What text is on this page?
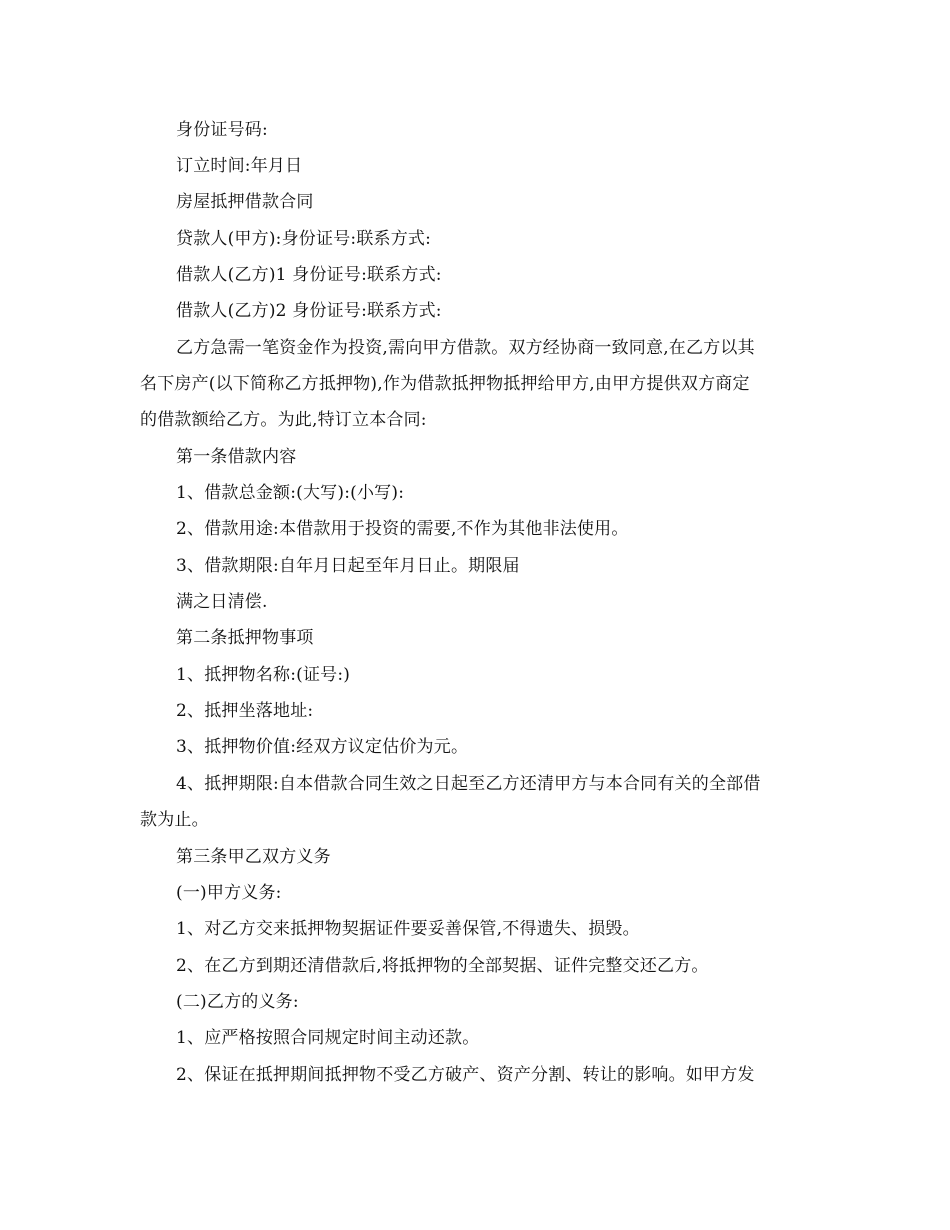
身份证号码:
订立时间:年月日
房屋抵押借款合同
贷款人(甲方):身份证号:联系方式:
借款人(乙方)1 身份证号:联系方式:
借款人(乙方)2 身份证号:联系方式:
乙方急需一笔资金作为投资,需向甲方借款。双方经协商一致同意,在乙方以其
名下房产(以下简称乙方抵押物),作为借款抵押物抵押给甲方,由甲方提供双方商定
的借款额给乙方。为此,特订立本合同:
第一条借款内容
1、借款总金额:(大写):(小写):
2、借款用途:本借款用于投资的需要,不作为其他非法使用。
3、借款期限:自年月日起至年月日止。期限届
满之日清偿.
第二条抵押物事项
1、抵押物名称:(证号:)
2、抵押坐落地址:
3、抵押物价值:经双方议定估价为元。
4、抵押期限:自本借款合同生效之日起至乙方还清甲方与本合同有关的全部借
款为止。
第三条甲乙双方义务
(一)甲方义务:
1、对乙方交来抵押物契据证件要妥善保管,不得遗失、损毁。
2、在乙方到期还清借款后,将抵押物的全部契据、证件完整交还乙方。
(二)乙方的义务:
1、应严格按照合同规定时间主动还款。
2、保证在抵押期间抵押物不受乙方破产、资产分割、转让的影响。如甲方发
